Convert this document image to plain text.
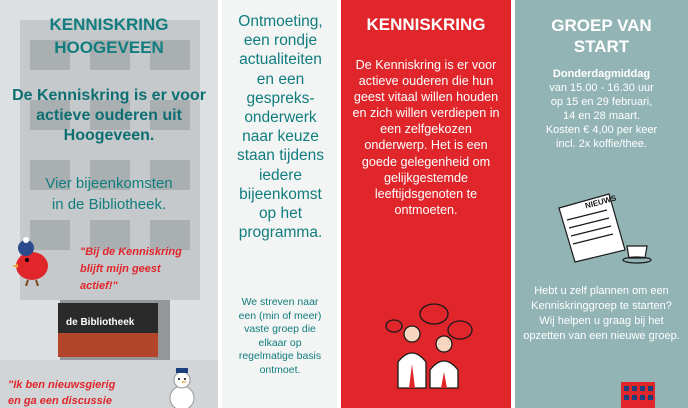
KENNISKRING
HOOGEVEEN
De Kenniskring is er voor
actieve ouderen uit
Hoogeveen.
Vier bijeenkomsten
in de Bibliotheek.
"Bij de Kenniskring
blijft mijn geest
actief!"
de Bibliotheek
"Ik ben nieuwsgierig
en ga een discussie
Ontmoeting,
een rondje
actualiteiten
en een
gespreks-
onderwerk
naar keuze
staan tijdens
iedere
bijeenkomst
op het
programma.
We streven naar
een (min of meer)
vaste groep die
elkaar op
regelmatige basis
ontmoet.
KENNISKRING

De Kenniskring is er voor actieve ouderen die hun geest vitaal willen houden en zich willen verdiepen in een zelfgekozen onderwerp. Het is een goede gelegenheid om gelijkgestemde leeftijdsgenoten te ontmoeten.

GROEP VAN
START
Donderdagmiddag
van 15.00 - 16.30 uur
op 15 en 29 februari,
14 en 28 maart.
Kosten € 4,00 per keer
incl. 2x koffie/thee.
NIEUWS
Hebt u zelf plannen om een Kenniskringgroep te starten? Wij helpen u graag bij het opzetten van een nieuwe groep.
